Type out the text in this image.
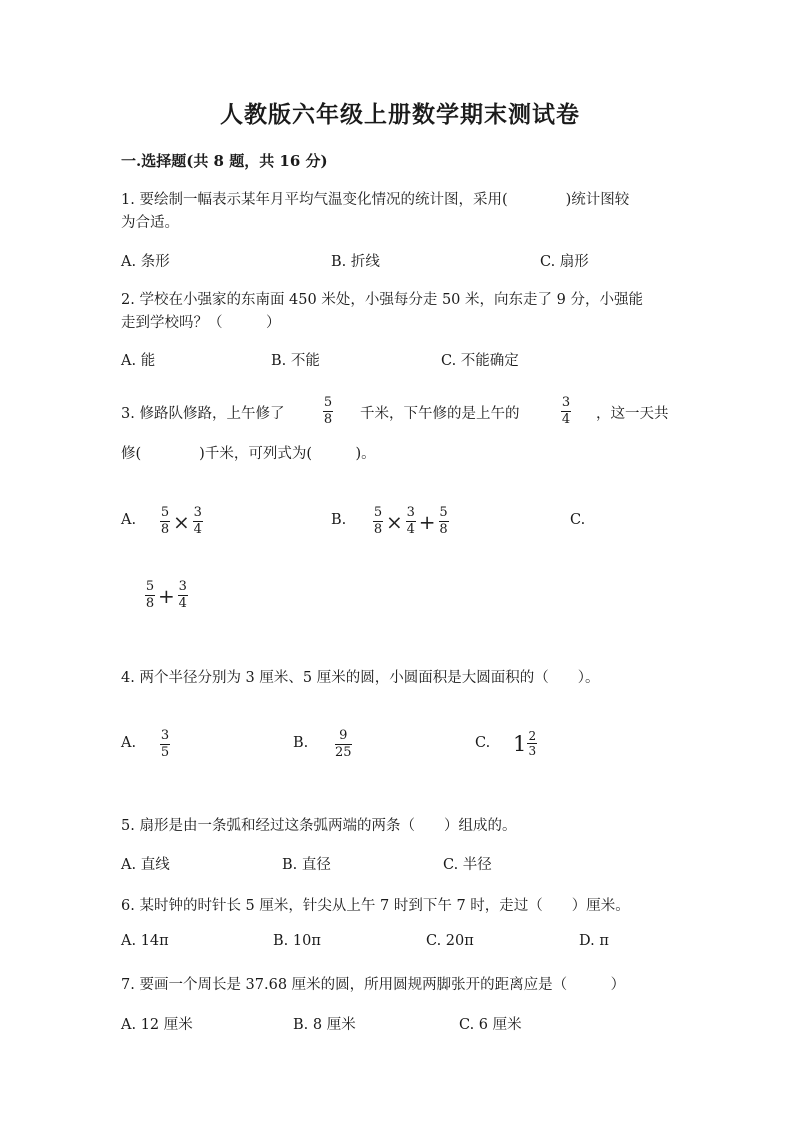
人教版六年级上册数学期末测试卷
一.选择题(共 8 题，共 16 分)
1. 要绘制一幅表示某年月平均气温变化情况的统计图，采用(　　　　)统计图较
为合适。
A. 条形	B. 折线	C. 扇形
2. 学校在小强家的东南面 450 米处，小强每分走 50 米，向东走了 9 分，小强能
走到学校吗？（　　　）
A. 能	B. 不能	C. 不能确定
3. 修路队修路，上午修了
5
8 千米，下午修的是上午的
3
4 ，这一天共
修(　　　　)千米，可列式为(　　　)。
A. $\frac{5}{8} \times \frac{3}{4}$	B. $\frac{5}{8} \times \frac{3}{4} + \frac{5}{8}$	C.
$\frac{5}{8} + \frac{3}{4}$
4. 两个半径分别为 3 厘米、5 厘米的圆，小圆面积是大圆面积的（　　）。
A. 3
5
B. 9
25
C. $1 \frac{2}{3}$
5. 扇形是由一条弧和经过这条弧两端的两条（　　）组成的。
A. 直线	B. 直径	C. 半径
6. 某时钟的时针长 5 厘米，针尖从上午 7 时到下午 7 时，走过（　　）厘米。
A. 14π	B. 10π	C. 20π	D. π
7. 要画一个周长是 37.68 厘米的圆，所用圆规两脚张开的距离应是（　　　）
A. 12 厘米	B. 8 厘米	C. 6 厘米
